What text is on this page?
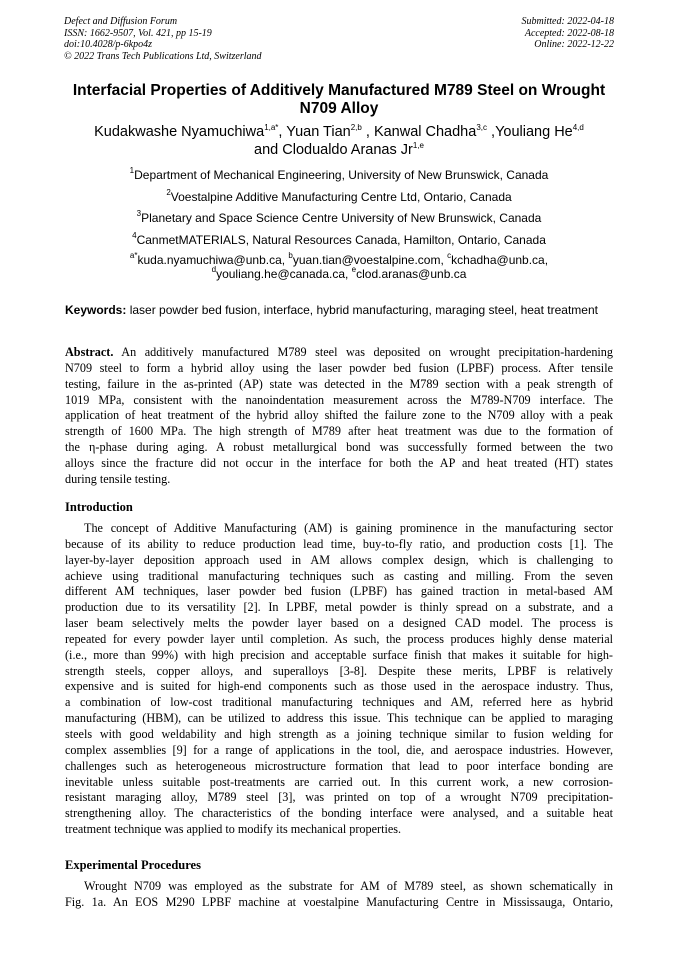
Defect and Diffusion Forum
ISSN: 1662-9507, Vol. 421, pp 15-19
doi:10.4028/p-6kpo4z
© 2022 Trans Tech Publications Ltd, Switzerland
Submitted: 2022-04-18
Accepted: 2022-08-18
Online: 2022-12-22
Interfacial Properties of Additively Manufactured M789 Steel on Wrought
N709 Alloy
Kudakwashe Nyamuchiwa$^{1,a*}$, Yuan Tian$^{2,b}$ , Kanwal Chadha$^{3,c}$ ,Youliang He$^{4,d}$
and Clodualdo Aranas Jr$^{1,e}$
$^1$Department of Mechanical Engineering, University of New Brunswick, Canada
$^2$Voestalpine Additive Manufacturing Centre Ltd, Ontario, Canada
$^3$Planetary and Space Science Centre University of New Brunswick, Canada
$^4$CanmetMATERIALS, Natural Resources Canada, Hamilton, Ontario, Canada
$^{a*}$kuda.nyamuchiwa@unb.ca, $^b$yuan.tian@voestalpine.com, $^c$kchadha@unb.ca,
$^d$youliang.he@canada.ca, $^e$clod.aranas@unb.ca
Keywords: laser powder bed fusion, interface, hybrid manufacturing, maraging steel, heat treatment
Abstract. An additively manufactured M789 steel was deposited on wrought precipitation-hardening
N709 steel to form a hybrid alloy using the laser powder bed fusion (LPBF) process. After tensile
testing, failure in the as-printed (AP) state was detected in the M789 section with a peak strength of
1019 MPa, consistent with the nanoindentation measurement across the M789-N709 interface. The
application of heat treatment of the hybrid alloy shifted the failure zone to the N709 alloy with a peak
strength of 1600 MPa. The high strength of M789 after heat treatment was due to the formation of
the η-phase during aging. A robust metallurgical bond was successfully formed between the two
alloys since the fracture did not occur in the interface for both the AP and heat treated (HT) states
during tensile testing.
Introduction
The concept of Additive Manufacturing (AM) is gaining prominence in the manufacturing sector
because of its ability to reduce production lead time, buy-to-fly ratio, and production costs [1]. The
layer-by-layer deposition approach used in AM allows complex design, which is challenging to
achieve using traditional manufacturing techniques such as casting and milling. From the seven
different AM techniques, laser powder bed fusion (LPBF) has gained traction in metal-based AM
production due to its versatility [2]. In LPBF, metal powder is thinly spread on a substrate, and a
laser beam selectively melts the powder layer based on a designed CAD model. The process is
repeated for every powder layer until completion. As such, the process produces highly dense material
(i.e., more than 99%) with high precision and acceptable surface finish that makes it suitable for high-
strength steels, copper alloys, and superalloys [3-8]. Despite these merits, LPBF is relatively
expensive and is suited for high-end components such as those used in the aerospace industry. Thus,
a combination of low-cost traditional manufacturing techniques and AM, referred here as hybrid
manufacturing (HBM), can be utilized to address this issue. This technique can be applied to maraging
steels with good weldability and high strength as a joining technique similar to fusion welding for
complex assemblies [9] for a range of applications in the tool, die, and aerospace industries. However,
challenges such as heterogeneous microstructure formation that lead to poor interface bonding are
inevitable unless suitable post-treatments are carried out. In this current work, a new corrosion-
resistant maraging alloy, M789 steel [3], was printed on top of a wrought N709 precipitation-
strengthening alloy. The characteristics of the bonding interface were analysed, and a suitable heat
treatment technique was applied to modify its mechanical properties.
Experimental Procedures
Wrought N709 was employed as the substrate for AM of M789 steel, as shown schematically in
Fig. 1a. An EOS M290 LPBF machine at voestalpine Manufacturing Centre in Mississauga, Ontario,
